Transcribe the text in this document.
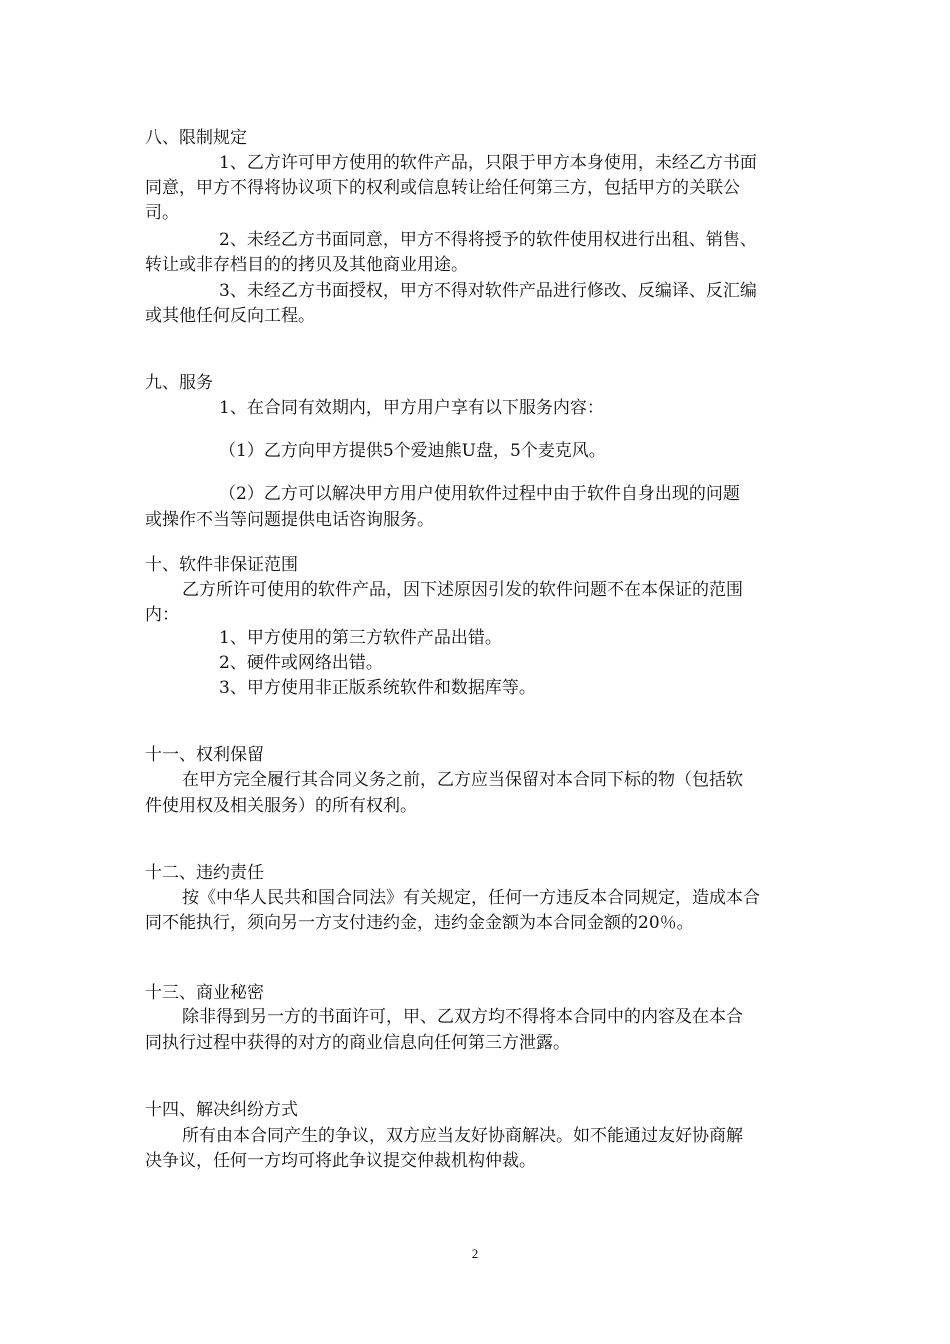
八、限制规定
1、乙方许可甲方使用的软件产品，只限于甲方本身使用，未经乙方书面
同意，甲方不得将协议项下的权利或信息转让给任何第三方，包括甲方的关联公
司。
2、未经乙方书面同意，甲方不得将授予的软件使用权进行出租、销售、
转让或非存档目的的拷贝及其他商业用途。
3、未经乙方书面授权，甲方不得对软件产品进行修改、反编译、反汇编
或其他任何反向工程。
九、服务
1、在合同有效期内，甲方用户享有以下服务内容：
（1）乙方向甲方提供5个爱迪熊U盘，5个麦克风。
（2）乙方可以解决甲方用户使用软件过程中由于软件自身出现的问题
或操作不当等问题提供电话咨询服务。
十、软件非保证范围
乙方所许可使用的软件产品，因下述原因引发的软件问题不在本保证的范围
内：
1、甲方使用的第三方软件产品出错。
2、硬件或网络出错。
3、甲方使用非正版系统软件和数据库等。
十一、权利保留
在甲方完全履行其合同义务之前，乙方应当保留对本合同下标的物（包括软
件使用权及相关服务）的所有权利。
十二、违约责任
按《中华人民共和国合同法》有关规定，任何一方违反本合同规定，造成本合
同不能执行，须向另一方支付违约金，违约金金额为本合同金额的20％。
十三、商业秘密
除非得到另一方的书面许可，甲、乙双方均不得将本合同中的内容及在本合
同执行过程中获得的对方的商业信息向任何第三方泄露。
十四、解决纠纷方式
所有由本合同产生的争议，双方应当友好协商解决。如不能通过友好协商解
决争议，任何一方均可将此争议提交仲裁机构仲裁。
2
